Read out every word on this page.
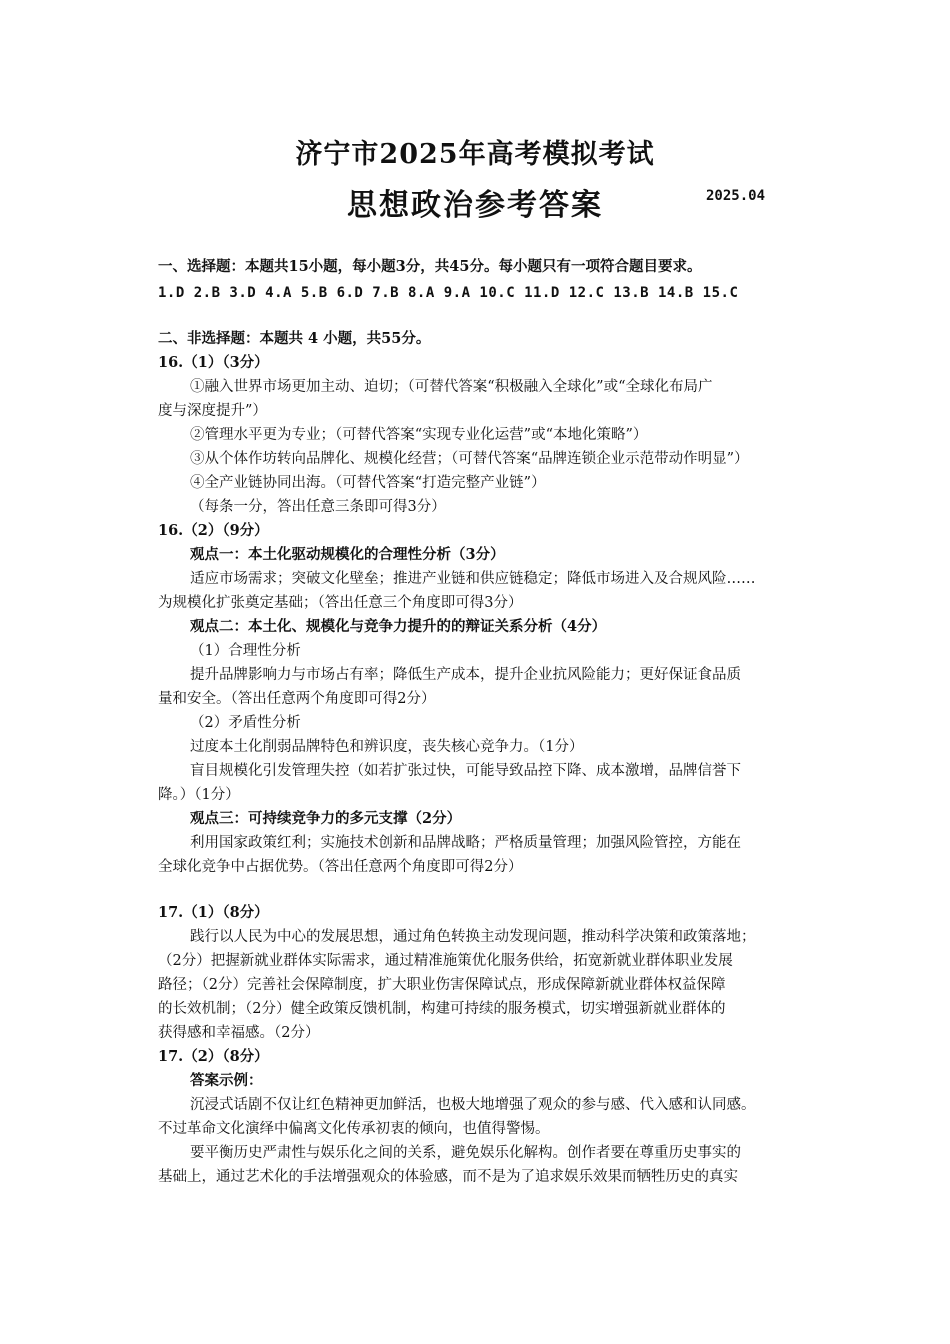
济宁市2025年高考模拟考试
思想政治参考答案	2025.04
一、选择题：本题共15小题，每小题3分，共45分。每小题只有一项符合题目要求。
1.D 2.B 3.D 4.A 5.B 6.D 7.B 8.A 9.A 10.C 11.D 12.C 13.B 14.B 15.C
二、非选择题：本题共 4 小题，共55分。
16.（1）（3分）
①融入世界市场更加主动、迫切；（可替代答案“积极融入全球化”或“全球化布局广
度与深度提升”）
②管理水平更为专业；（可替代答案“实现专业化运营”或“本地化策略”）
③从个体作坊转向品牌化、规模化经营；（可替代答案“品牌连锁企业示范带动作明显”）
④全产业链协同出海。（可替代答案“打造完整产业链”）
（每条一分，答出任意三条即可得3分）
16.（2）（9分）
观点一：本土化驱动规模化的合理性分析（3分）
适应市场需求；突破文化壁垒；推进产业链和供应链稳定；降低市场进入及合规风险……
为规模化扩张奠定基础；（答出任意三个角度即可得3分）
观点二：本土化、规模化与竞争力提升的的辩证关系分析（4分）
（1）合理性分析
提升品牌影响力与市场占有率；降低生产成本，提升企业抗风险能力；更好保证食品质
量和安全。（答出任意两个角度即可得2分）
（2）矛盾性分析
过度本土化削弱品牌特色和辨识度，丧失核心竞争力。（1分）
盲目规模化引发管理失控（如若扩张过快，可能导致品控下降、成本激增，品牌信誉下
降。）（1分）
观点三：可持续竞争力的多元支撑（2分）
利用国家政策红利；实施技术创新和品牌战略；严格质量管理；加强风险管控，方能在
全球化竞争中占据优势。（答出任意两个角度即可得2分）
17.（1）（8分）
践行以人民为中心的发展思想，通过角色转换主动发现问题，推动科学决策和政策落地；
（2分）把握新就业群体实际需求，通过精准施策优化服务供给，拓宽新就业群体职业发展
路径；（2分）完善社会保障制度，扩大职业伤害保障试点，形成保障新就业群体权益保障
的长效机制；（2分）健全政策反馈机制，构建可持续的服务模式，切实增强新就业群体的
获得感和幸福感。（2分）
17.（2）（8分）
答案示例：
沉浸式话剧不仅让红色精神更加鲜活，也极大地增强了观众的参与感、代入感和认同感。
不过革命文化演绎中偏离文化传承初衷的倾向，也值得警惕。
要平衡历史严肃性与娱乐化之间的关系，避免娱乐化解构。创作者要在尊重历史事实的
基础上，通过艺术化的手法增强观众的体验感，而不是为了追求娱乐效果而牺牲历史的真实
